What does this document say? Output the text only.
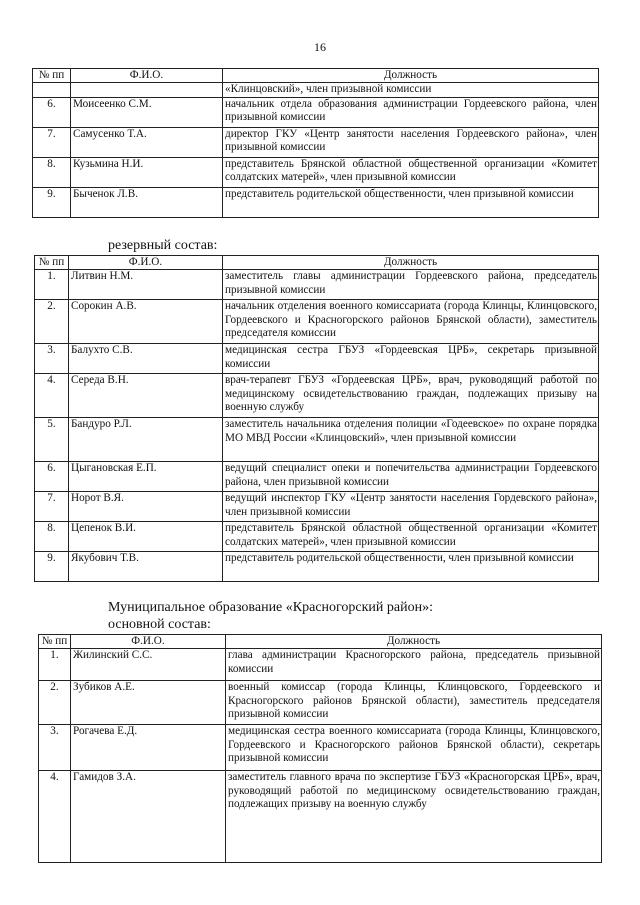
16
№ пп	Ф.И.О.	Должность
		«Клинцовский», член призывной комиссии
6.	Моисеенко С.М.	начальник отдела образования администрации Гордеевского района, член призывной комиссии
7.	Самусенко Т.А.	директор ГКУ «Центр занятости населения Гордеевского района», член призывной комиссии
8.	Кузьмина Н.И.	представитель Брянской областной общественной организации «Комитет солдатских матерей», член призывной комиссии
9.	Быченок Л.В.	представитель родительской общественности, член призывной комиссии
резервный состав:
№ пп	Ф.И.О.	Должность
1.	Литвин Н.М.	заместитель главы администрации Гордеевского района, председатель призывной комиссии
2.	Сорокин А.В.	начальник отделения военного комиссариата (города Клинцы, Клинцовского, Гордеевского и Красногорского районов Брянской области), заместитель председателя комиссии
3.	Балухто С.В.	медицинская сестра ГБУЗ «Гордеевская ЦРБ», секретарь призывной комиссии
4.	Середа В.Н.	врач-терапевт ГБУЗ «Гордеевская ЦРБ», врач, руководящий работой по медицинскому освидетельствованию граждан, подлежащих призыву на военную службу
5.	Бандуро Р.Л.	заместитель начальника отделения полиции «Годеевское» по охране порядка МО МВД России «Клинцовский», член призывной комиссии
6.	Цыгановская Е.П.	ведущий специалист опеки и попечительства администрации Гордеевского района, член призывной комиссии
7.	Норот В.Я.	ведущий инспектор ГКУ «Центр занятости населения Гордевского района», член призывной комиссии
8.	Цепенок В.И.	представитель Брянской областной общественной организации «Комитет солдатских матерей», член призывной комиссии
9.	Якубович Т.В.	представитель родительской общественности, член призывной комиссии
Муниципальное образование «Красногорский район»:
основной состав:
№ пп	Ф.И.О.	Должность
1.	Жилинский С.С.	глава администрации Красногорского района, председатель призывной комиссии
2.	Зубиков А.Е.	военный комиссар (города Клинцы, Клинцовского, Гордеевского и Красногорского районов Брянской области), заместитель председателя призывной комиссии
3.	Рогачева Е.Д.	медицинская сестра военного комиссариата (города Клинцы, Клинцовского, Гордеевского и Красногорского районов Брянской области), секретарь призывной комиссии
4.	Гамидов З.А.	заместитель главного врача по экспертизе ГБУЗ «Красногорская ЦРБ», врач, руководящий работой по медицинскому освидетельствованию граждан, подлежащих призыву на военную службу
